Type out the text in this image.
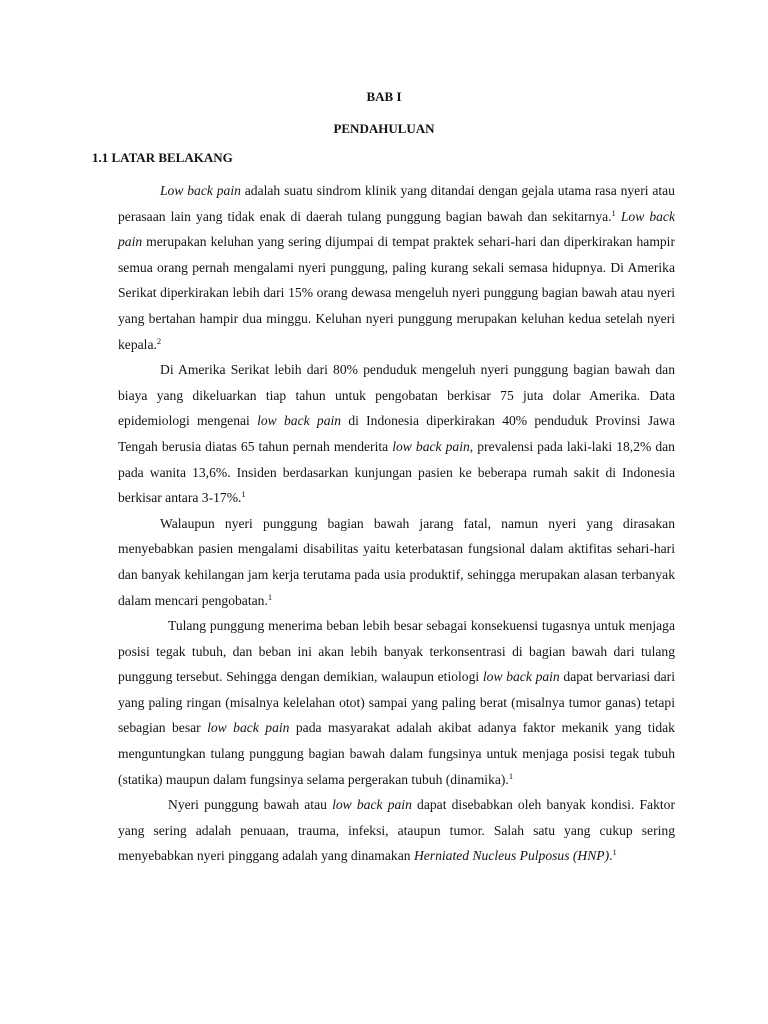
BAB I
PENDAHULUAN
1.1 LATAR BELAKANG

Low back pain adalah suatu sindrom klinik yang ditandai dengan gejala utama rasa nyeri atau perasaan lain yang tidak enak di daerah tulang punggung bagian bawah dan sekitarnya.$^1$ Low back pain merupakan keluhan yang sering dijumpai di tempat praktek sehari-hari dan diperkirakan hampir semua orang pernah mengalami nyeri punggung, paling kurang sekali semasa hidupnya. Di Amerika Serikat diperkirakan lebih dari 15% orang dewasa mengeluh nyeri punggung bagian bawah atau nyeri yang bertahan hampir dua minggu. Keluhan nyeri punggung merupakan keluhan kedua setelah nyeri kepala.$^2$

Di Amerika Serikat lebih dari 80% penduduk mengeluh nyeri punggung bagian bawah dan biaya yang dikeluarkan tiap tahun untuk pengobatan berkisar 75 juta dolar Amerika. Data epidemiologi mengenai low back pain di Indonesia diperkirakan 40% penduduk Provinsi Jawa Tengah berusia diatas 65 tahun pernah menderita low back pain, prevalensi pada laki-laki 18,2% dan pada wanita 13,6%. Insiden berdasarkan kunjungan pasien ke beberapa rumah sakit di Indonesia berkisar antara 3-17%.$^1$

Walaupun nyeri punggung bagian bawah jarang fatal, namun nyeri yang dirasakan menyebabkan pasien mengalami disabilitas yaitu keterbatasan fungsional dalam aktifitas sehari-hari dan banyak kehilangan jam kerja terutama pada usia produktif, sehingga merupakan alasan terbanyak dalam mencari pengobatan.$^1$

Tulang punggung menerima beban lebih besar sebagai konsekuensi tugasnya untuk menjaga posisi tegak tubuh, dan beban ini akan lebih banyak terkonsentrasi di bagian bawah dari tulang punggung tersebut. Sehingga dengan demikian, walaupun etiologi low back pain dapat bervariasi dari yang paling ringan (misalnya kelelahan otot) sampai yang paling berat (misalnya tumor ganas) tetapi sebagian besar low back pain pada masyarakat adalah akibat adanya faktor mekanik yang tidak menguntungkan tulang punggung bagian bawah dalam fungsinya untuk menjaga posisi tegak tubuh (statika) maupun dalam fungsinya selama pergerakan tubuh (dinamika).$^1$

Nyeri punggung bawah atau low back pain dapat disebabkan oleh banyak kondisi. Faktor yang sering adalah penuaan, trauma, infeksi, ataupun tumor. Salah satu yang cukup sering menyebabkan nyeri pinggang adalah yang dinamakan Herniated Nucleus Pulposus (HNP).$^1$
